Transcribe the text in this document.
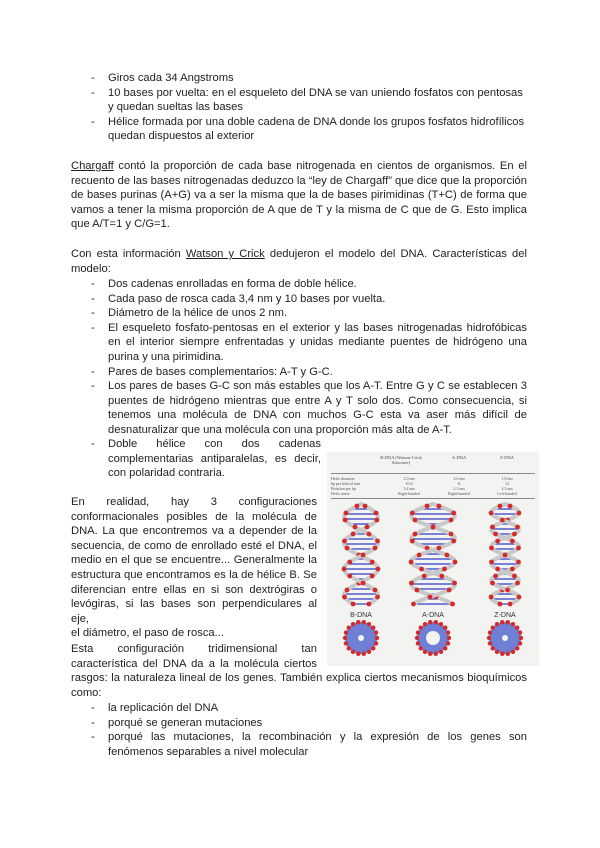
- Giros cada 34 Angstroms
- 10 bases por vuelta: en el esqueleto del DNA se van uniendo fosfatos con pentosas y quedan sueltas las bases
- Hélice formada por una doble cadena de DNA donde los grupos fosfatos hidrofílicos quedan dispuestos al exterior

Chargaff contó la proporción de cada base nitrogenada en cientos de organismos. En el recuento de las bases nitrogenadas deduzco la “ley de Chargaff” que dice que la proporción de bases purinas (A+G) va a ser la misma que la de bases pirimidinas (T+C) de forma que vamos a tener la misma proporción de A que de T y la misma de C que de G. Esto implica que A/T=1 y C/G=1.

Con esta información Watson y Crick dedujeron el modelo del DNA. Características del modelo:

- Dos cadenas enrolladas en forma de doble hélice.
- Cada paso de rosca cada 3,4 nm y 10 bases por vuelta.
- Diámetro de la hélice de unos 2 nm.
- El esqueleto fosfato-pentosas en el exterior y las bases nitrogenadas hidrofóbicas en el interior siempre enfrentadas y unidas mediante puentes de hidrógeno una purina y una pirimidina.
- Pares de bases complementarios: A-T y G-C.
- Los pares de bases G-C son más estables que los A-T. Entre G y C se establecen 3 puentes de hidrógeno mientras que entre A y T solo dos. Como consecuencia, si tenemos una molécula de DNA con muchos G-C esta va aser más difícil de desnaturalizar que una molécula con una proporción más alta de A-T.
- Doble hélice con dos cadenas
complementarias antiparalelas, es decir,
con polaridad contraria.
En realidad, hay 3 configuraciones
conformacionales posibles de la molécula de
DNA. La que encontremos va a depender de la
secuencia, de como de enrollado esté el DNA, el
medio en el que se encuentre... Generalmente la
estructura que encontramos es la de hélice B. Se
diferencian entre ellas en si son dextrógiras o
levógiras, si las bases son perpendiculares al eje,
el diámetro, el paso de rosca...
Esta configuración tridimensional tan
característica del DNA da a la molécula ciertos
rasgos: la naturaleza lineal de los genes. También explica ciertos mecanismos bioquímicos como:
- la replicación del DNA
- porqué se generan mutaciones
- porqué las mutaciones, la recombinación y la expresión de los genes son fenómenos separables a nivel molecular
B-DNA (Watson-Crick Structure)
A-DNA	Z-DNA
Helix diameter	2.0 nm	2.6 nm	1.8 nm
bp per helical turn	10.4	11	12
Rotation per bp	3.4 nm	2.3 nm	4.5 nm
Helix sense	Right-handed	Right-handed	Left-handed
B-DNA	A-DNA	Z-DNA
